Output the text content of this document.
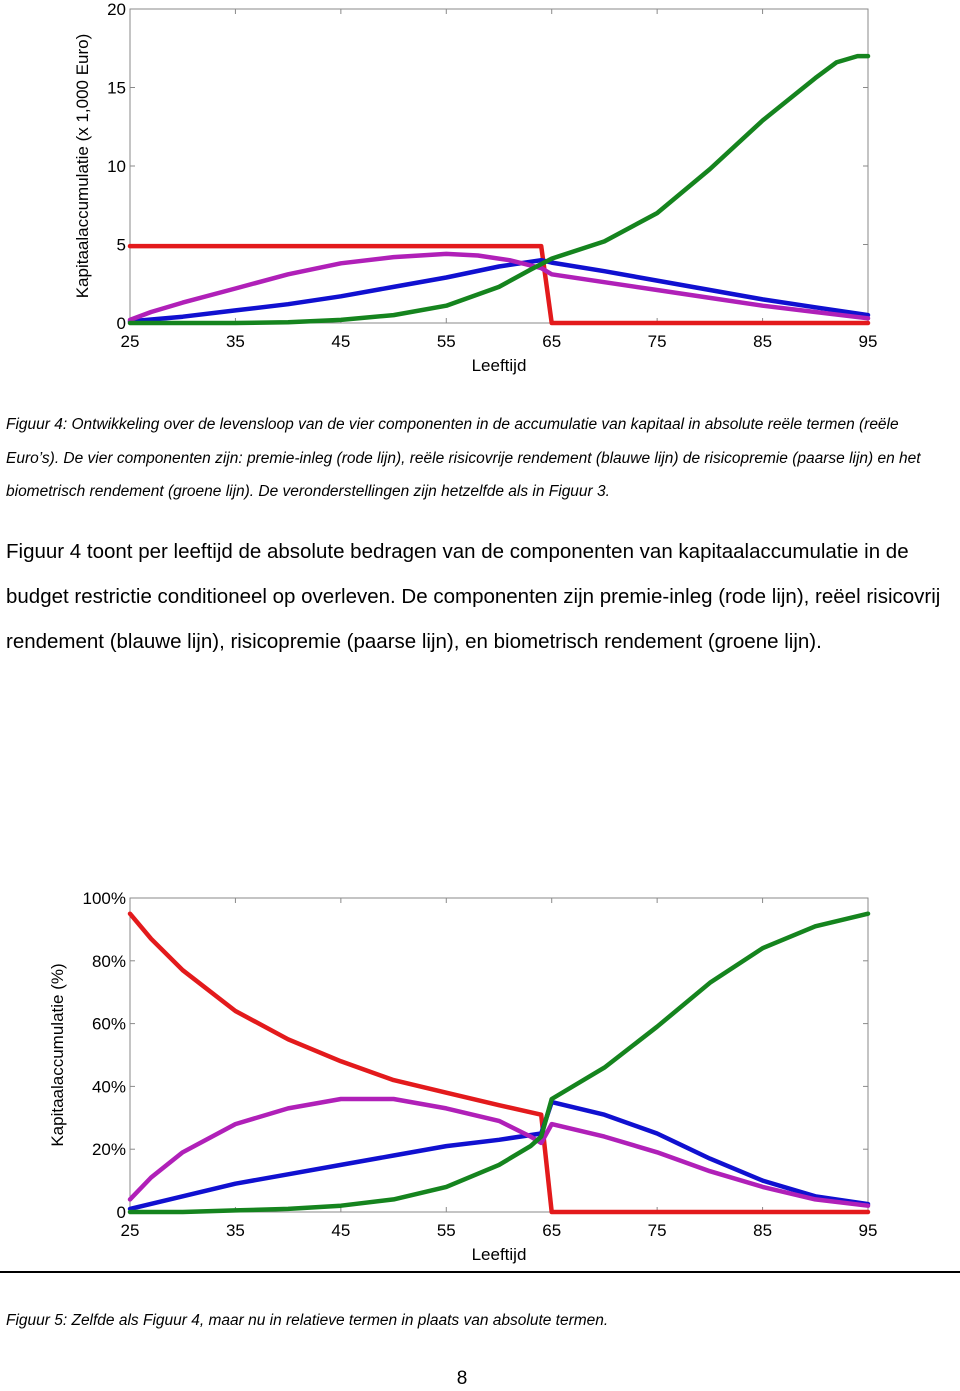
0
5
10
15
20
25	35	45	55	65	75	85	95
Leeftijd
Kapitaalaccumulatie (x 1,000 Euro)
Figuur 4: Ontwikkeling over de levensloop van de vier componenten in de accumulatie van kapitaal in absolute reële termen (reële Euro’s). De vier componenten zijn: premie-inleg (rode lijn), reële risicovrije rendement (blauwe lijn) de risicopremie (paarse lijn) en het biometrisch rendement (groene lijn). De veronderstellingen zijn hetzelfde als in Figuur 3.
Figuur 4 toont per leeftijd de absolute bedragen van de componenten van kapitaalaccumulatie in de budget restrictie conditioneel op overleven. De componenten zijn premie-inleg (rode lijn), reëel risicovrij rendement (blauwe lijn), risicopremie (paarse lijn), en biometrisch rendement (groene lijn).
0
20%
40%
60%
80%
100%
25	35	45	55	65	75	85	95
Leeftijd
Kapitaalaccumulatie (%)
Figuur 5: Zelfde als Figuur 4, maar nu in relatieve termen in plaats van absolute termen.
8
